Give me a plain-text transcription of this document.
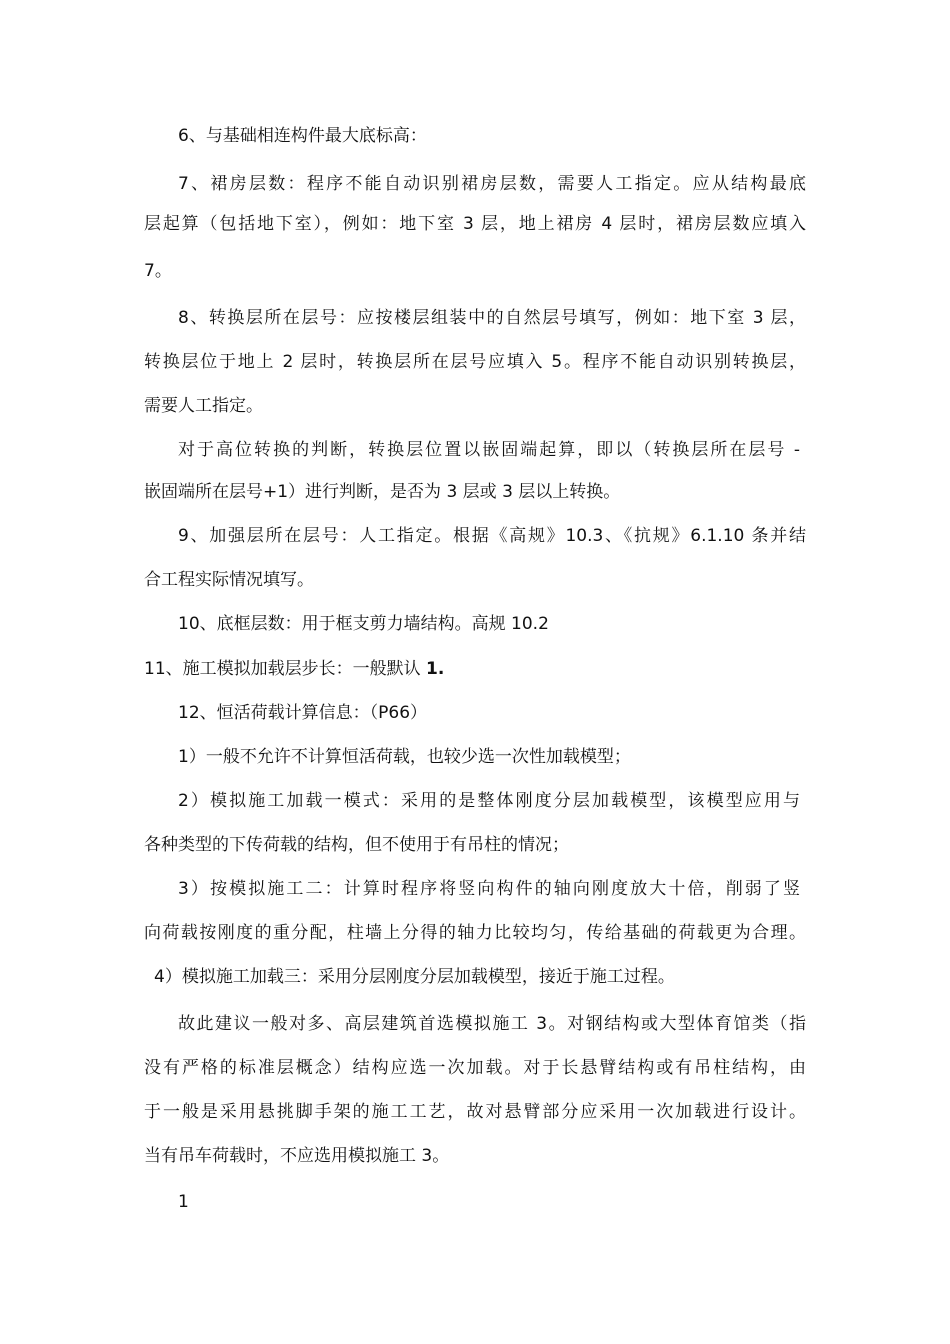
6、与基础相连构件最大底标高：
7、裙房层数：程序不能自动识别裙房层数，需要人工指定。应从结构最底
层起算（包括地下室），例如：地下室 3 层，地上裙房 4 层时，裙房层数应填入
7。
8、转换层所在层号：应按楼层组装中的自然层号填写，例如：地下室 3 层，
转换层位于地上 2 层时，转换层所在层号应填入 5。程序不能自动识别转换层，
需要人工指定。
对于高位转换的判断，转换层位置以嵌固端起算，即以（转换层所在层号 -
嵌固端所在层号+1）进行判断，是否为 3 层或 3 层以上转换。
9、加强层所在层号：人工指定。根据《高规》10.3、《抗规》6.1.10 条并结
合工程实际情况填写。
10、底框层数：用于框支剪力墙结构。高规 10.2
11、施工模拟加载层步长：一般默认 1.
12、恒活荷载计算信息：（P66）
1）一般不允许不计算恒活荷载，也较少选一次性加载模型；
2）模拟施工加载一模式：采用的是整体刚度分层加载模型，该模型应用与
各种类型的下传荷载的结构，但不使用于有吊柱的情况；
3）按模拟施工二：计算时程序将竖向构件的轴向刚度放大十倍，削弱了竖
向荷载按刚度的重分配，柱墙上分得的轴力比较均匀，传给基础的荷载更为合理。
4）模拟施工加载三：采用分层刚度分层加载模型，接近于施工过程。
故此建议一般对多、高层建筑首选模拟施工 3。对钢结构或大型体育馆类（指
没有严格的标准层概念）结构应选一次加载。对于长悬臂结构或有吊柱结构，由
于一般是采用悬挑脚手架的施工工艺，故对悬臂部分应采用一次加载进行设计。
当有吊车荷载时，不应选用模拟施工 3。
1
